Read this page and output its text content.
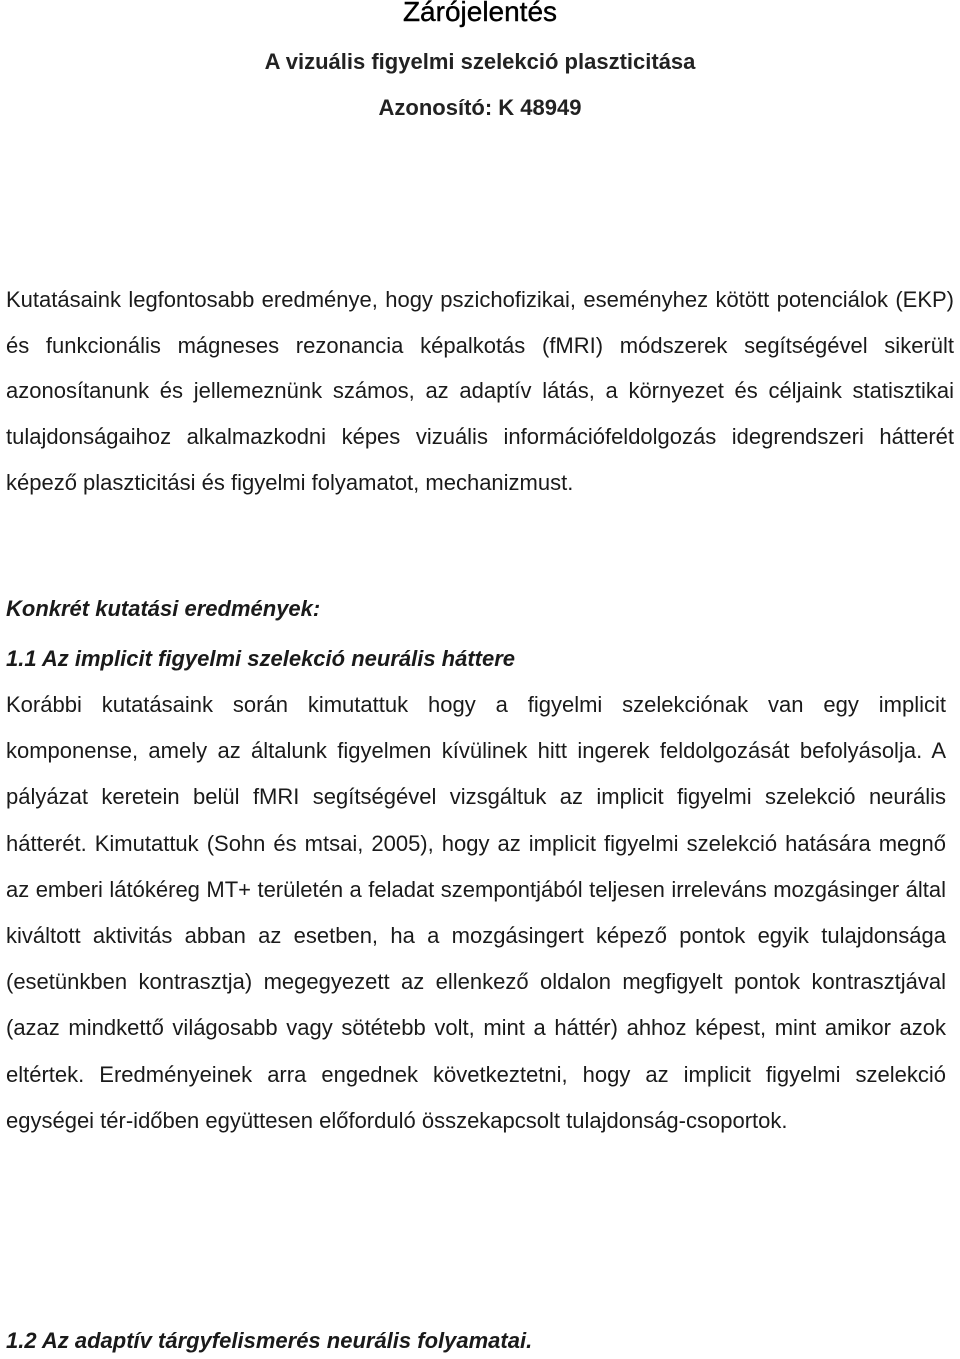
Zárójelentés
A vizuális figyelmi szelekció plaszticitása
Azonosító: K 48949
Kutatásaink legfontosabb eredménye, hogy pszichofizikai, eseményhez kötött potenciálok (EKP) és funkcionális mágneses rezonancia képalkotás (fMRI) módszerek segítségével sikerült azonosítanunk és jellemeznünk számos, az adaptív látás, a környezet és céljaink statisztikai tulajdonságaihoz alkalmazkodni képes vizuális információfeldolgozás idegrendszeri hátterét képező plaszticitási és figyelmi folyamatot, mechanizmust.
Konkrét kutatási eredmények:
1.1 Az implicit figyelmi szelekció neurális háttere
Korábbi kutatásaink során kimutattuk hogy a figyelmi szelekciónak van egy implicit komponense, amely az általunk figyelmen kívülinek hitt ingerek feldolgozását befolyásolja. A pályázat keretein belül fMRI segítségével vizsgáltuk az implicit figyelmi szelekció neurális hátterét. Kimutattuk (Sohn és mtsai, 2005), hogy az implicit figyelmi szelekció hatására megnő az emberi látókéreg MT+ területén a feladat szempontjából teljesen irreleváns mozgásinger által kiváltott aktivitás abban az esetben, ha a mozgásingert képező pontok egyik tulajdonsága (esetünkben kontrasztja) megegyezett az ellenkező oldalon megfigyelt pontok kontrasztjával (azaz mindkettő világosabb vagy sötétebb volt, mint a háttér) ahhoz képest, mint amikor azok eltértek. Eredményeinek arra engednek következtetni, hogy az implicit figyelmi szelekció egységei tér-időben együttesen előforduló összekapcsolt tulajdonság-csoportok.
1.2 Az adaptív tárgyfelismerés neurális folyamatai.
